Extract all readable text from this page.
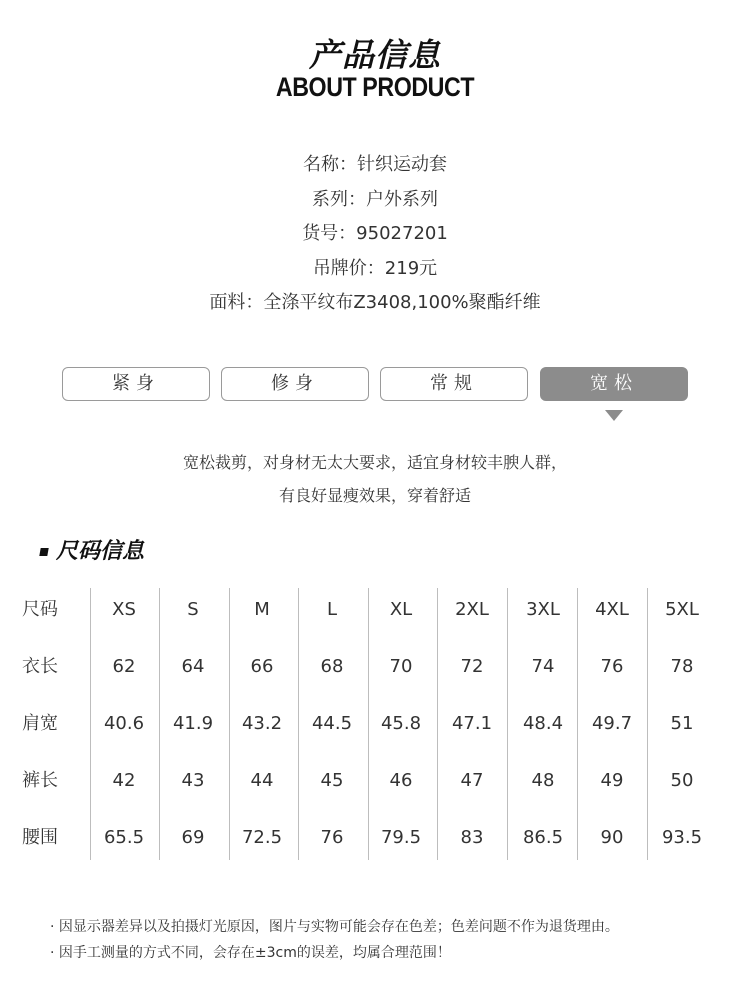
产品信息
ABOUT PRODUCT
名称：针织运动套
系列：户外系列
货号：95027201
吊牌价：219元
面料：全涤平纹布Z3408,100%聚酯纤维
紧身	修身	常规	宽松
宽松裁剪，对身材无太大要求，适宜身材较丰腴人群，
有良好显瘦效果，穿着舒适
尺码信息
尺码	XS	S	M	L	XL	2XL	3XL	4XL	5XL
衣长	62	64	66	68	70	72	74	76	78
肩宽	40.6	41.9	43.2	44.5	45.8	47.1	48.4	49.7	51
裤长	42	43	44	45	46	47	48	49	50
腰围	65.5	69	72.5	76	79.5	83	86.5	90	93.5
· 因显示器差异以及拍摄灯光原因，图片与实物可能会存在色差；色差问题不作为退货理由。
· 因手工测量的方式不同，会存在±3cm的误差，均属合理范围！
